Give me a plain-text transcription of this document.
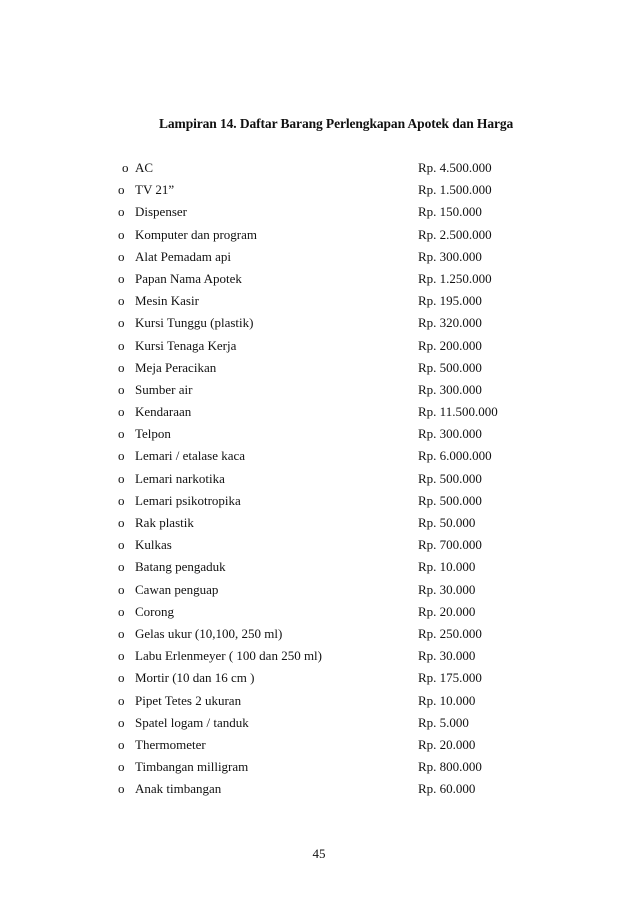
Lampiran 14. Daftar Barang Perlengkapan Apotek dan Harga
o AC	Rp. 4.500.000
o TV 21”	Rp. 1.500.000
o Dispenser	Rp. 150.000
o Komputer dan program	Rp. 2.500.000
o Alat Pemadam api	Rp. 300.000
o Papan Nama Apotek	Rp. 1.250.000
o Mesin Kasir	Rp. 195.000
o Kursi Tunggu (plastik)	Rp. 320.000
o Kursi Tenaga Kerja	Rp. 200.000
o Meja Peracikan	Rp. 500.000
o Sumber air	Rp. 300.000
o Kendaraan	Rp. 11.500.000
o Telpon	Rp. 300.000
o Lemari / etalase kaca	Rp. 6.000.000
o Lemari narkotika	Rp. 500.000
o Lemari psikotropika	Rp. 500.000
o Rak plastik	Rp. 50.000
o Kulkas	Rp. 700.000
o Batang pengaduk	Rp. 10.000
o Cawan penguap	Rp. 30.000
o Corong	Rp. 20.000
o Gelas ukur (10,100, 250 ml)	Rp. 250.000
o Labu Erlenmeyer ( 100 dan 250 ml)	Rp. 30.000
o Mortir (10 dan 16 cm )	Rp. 175.000
o Pipet Tetes 2 ukuran	Rp. 10.000
o Spatel logam / tanduk	Rp. 5.000
o Thermometer	Rp. 20.000
o Timbangan milligram	Rp. 800.000
o Anak timbangan	Rp. 60.000
45
